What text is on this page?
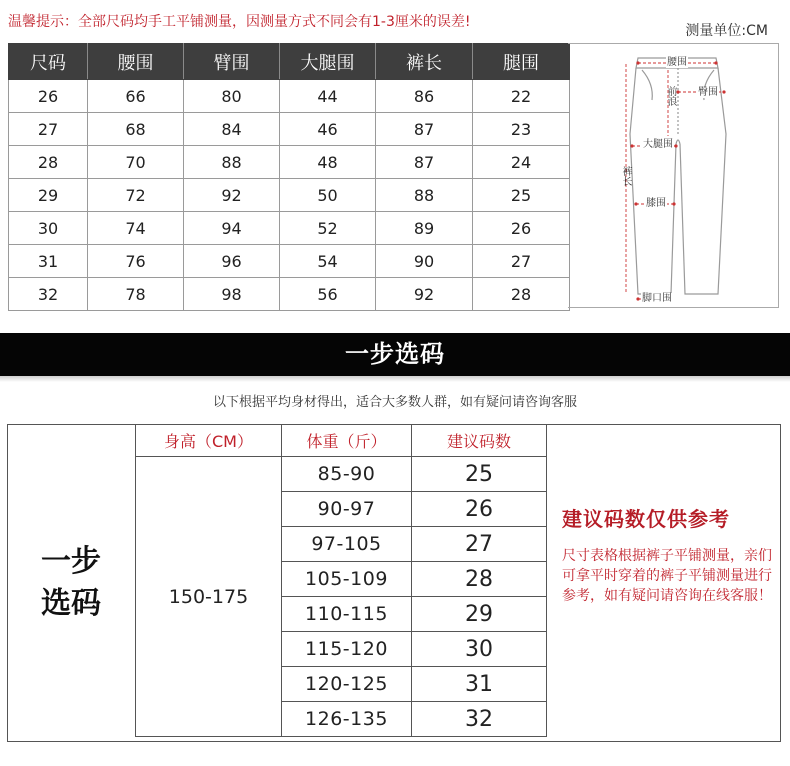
温馨提示：全部尺码均手工平铺测量，因测量方式不同会有1-3厘米的误差!
测量单位:CM
尺码	腰围	臂围	大腿围	裤长	腿围
26	66	80	44	86	22
27	68	84	46	87	23
28	70	88	48	87	24
29	72	92	50	88	25
30	74	94	52	89	26
31	76	96	54	90	27
32	78	98	56	92	28
腰围
前浪 臀围
大腿围
裤长
膝围
脚口围
一步选码
以下根据平均身材得出，适合大多数人群，如有疑问请咨询客服
一步
选码
身高（CM）	体重（斤）	建议码数
150-175	85-90	25
	90-97	26
	97-105	27
	105-109	28
	110-115	29
	115-120	30
	120-125	31
	126-135	32
建议码数仅供参考
尺寸表格根据裤子平铺测量，亲们可拿平时穿着的裤子平铺测量进行参考，如有疑问请咨询在线客服！
